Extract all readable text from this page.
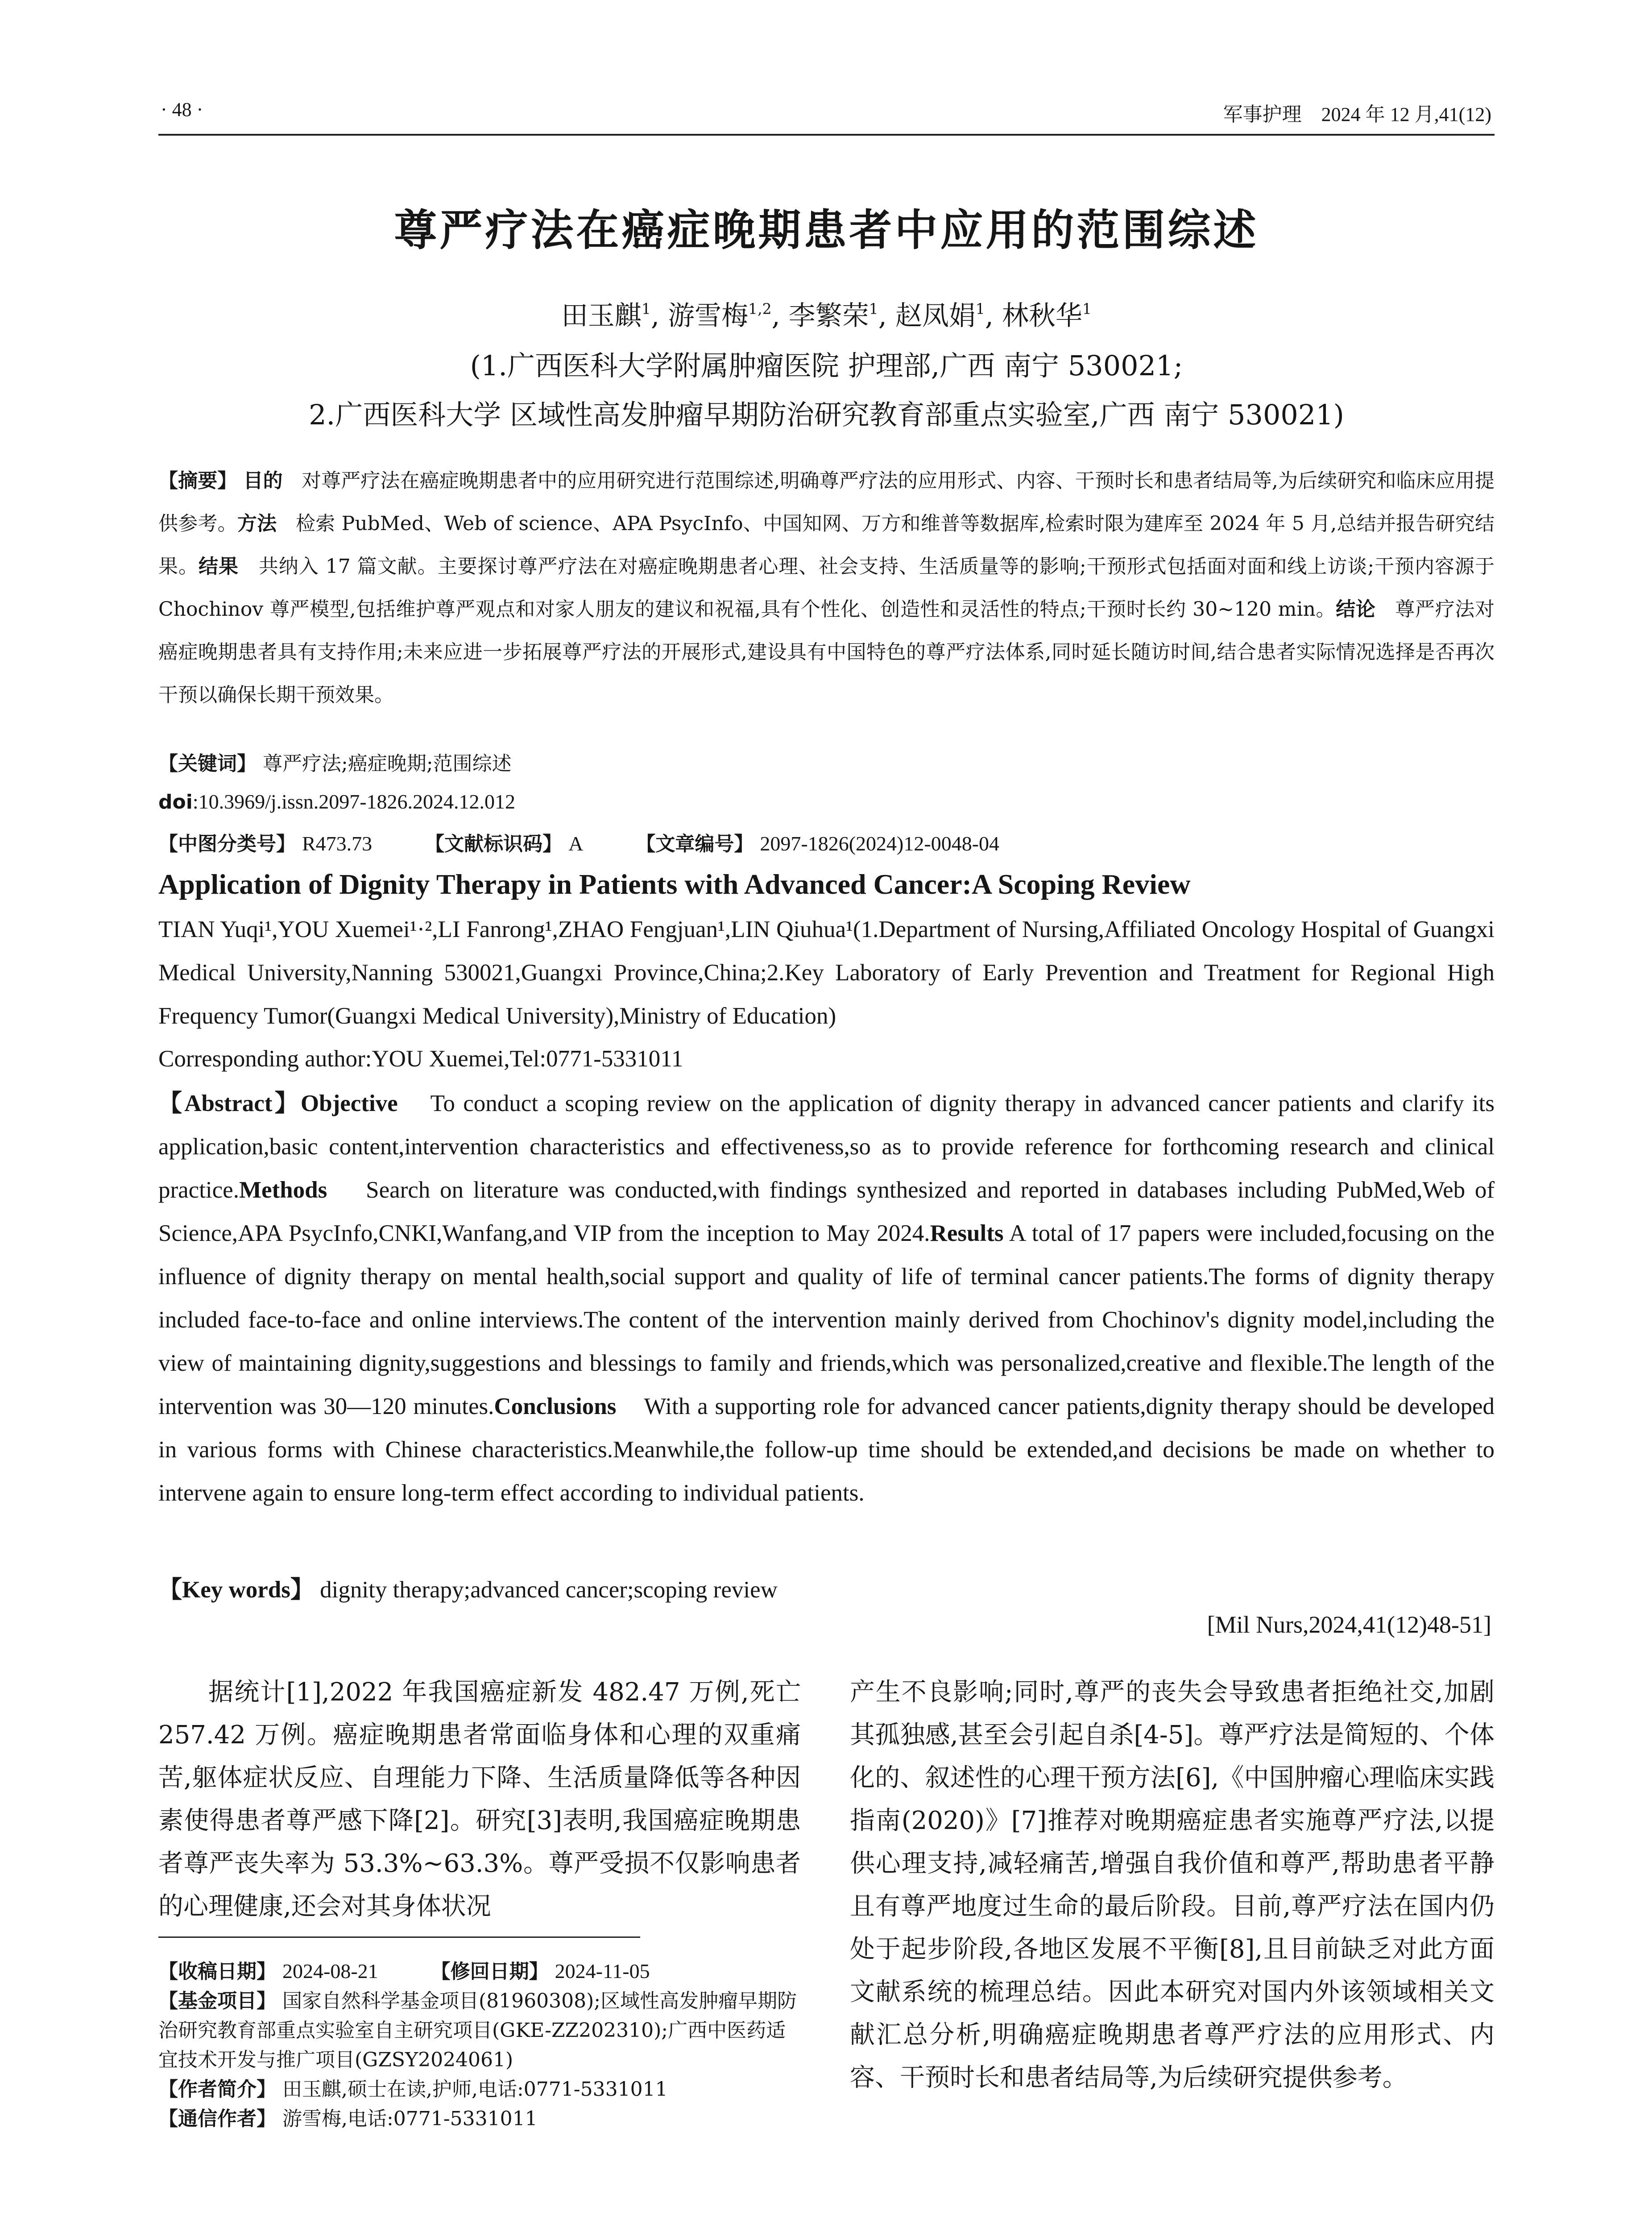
· 48 ·	军事护理　2024 年 12 月,41(12)
尊严疗法在癌症晚期患者中应用的范围综述
田玉麒$^1$, 游雪梅$^{1,2}$, 李繁荣$^1$, 赵凤娟$^1$, 林秋华$^1$
(1.广西医科大学附属肿瘤医院 护理部,广西 南宁 530021;
2.广西医科大学 区域性高发肿瘤早期防治研究教育部重点实验室,广西 南宁 530021)
【摘要】 目的 对尊严疗法在癌症晚期患者中的应用研究进行范围综述,明确尊严疗法的应用形式、内容、干预时长和患者结局等,为后续研究和临床应用提供参考。方法 检索 PubMed、Web of science、APA PsycInfo、中国知网、万方和维普等数据库,检索时限为建库至 2024 年 5 月,总结并报告研究结果。结果 共纳入 17 篇文献。主要探讨尊严疗法在对癌症晚期患者心理、社会支持、生活质量等的影响;干预形式包括面对面和线上访谈;干预内容源于 Chochinov 尊严模型,包括维护尊严观点和对家人朋友的建议和祝福,具有个性化、创造性和灵活性的特点;干预时长约 30~120 min。结论 尊严疗法对癌症晚期患者具有支持作用;未来应进一步拓展尊严疗法的开展形式,建设具有中国特色的尊严疗法体系,同时延长随访时间,结合患者实际情况选择是否再次干预以确保长期干预效果。
【关键词】 尊严疗法;癌症晚期;范围综述
doi:10.3969/j.issn.2097-1826.2024.12.012
【中图分类号】 R473.73	【文献标识码】 A	【文章编号】 2097-1826(2024)12-0048-04
Application of Dignity Therapy in Patients with Advanced Cancer:A Scoping Review
TIAN Yuqi¹,YOU Xuemei¹·²,LI Fanrong¹,ZHAO Fengjuan¹,LIN Qiuhua¹(1.Department of Nursing,Affiliated Oncology Hospital of Guangxi Medical University,Nanning 530021,Guangxi Province,China;2.Key Laboratory of Early Prevention and Treatment for Regional High Frequency Tumor(Guangxi Medical University),Ministry of Education)
Corresponding author:YOU Xuemei,Tel:0771-5331011
【Abstract】Objective To conduct a scoping review on the application of dignity therapy in advanced cancer patients and clarify its application,basic content,intervention characteristics and effectiveness,so as to provide reference for forthcoming research and clinical practice.Methods Search on literature was conducted,with findings synthesized and reported in databases including PubMed,Web of Science,APA PsycInfo,CNKI,Wanfang,and VIP from the inception to May 2024.Results A total of 17 papers were included,focusing on the influence of dignity therapy on mental health,social support and quality of life of terminal cancer patients.The forms of dignity therapy included face-to-face and online interviews.The content of the intervention mainly derived from Chochinov's dignity model,including the view of maintaining dignity,suggestions and blessings to family and friends,which was personalized,creative and flexible.The length of the intervention was 30—120 minutes.Conclusions With a supporting role for advanced cancer patients,dignity therapy should be developed in various forms with Chinese characteristics.Meanwhile,the follow-up time should be extended,and decisions be made on whether to intervene again to ensure long-term effect according to individual patients.
【Key words】 dignity therapy;advanced cancer;scoping review
[Mil Nurs,2024,41(12)48-51]
据统计[1],2022 年我国癌症新发 482.47 万例,死亡 257.42 万例。癌症晚期患者常面临身体和心理的双重痛苦,躯体症状反应、自理能力下降、生活质量降低等各种因素使得患者尊严感下降[2]。研究[3]表明,我国癌症晚期患者尊严丧失率为 53.3%~63.3%。尊严受损不仅影响患者的心理健康,还会对其身体状况
产生不良影响;同时,尊严的丧失会导致患者拒绝社交,加剧其孤独感,甚至会引起自杀[4-5]。尊严疗法是简短的、个体化的、叙述性的心理干预方法[6],《中国肿瘤心理临床实践指南(2020)》[7]推荐对晚期癌症患者实施尊严疗法,以提供心理支持,减轻痛苦,增强自我价值和尊严,帮助患者平静且有尊严地度过生命的最后阶段。目前,尊严疗法在国内仍处于起步阶段,各地区发展不平衡[8],且目前缺乏对此方面文献系统的梳理总结。因此本研究对国内外该领域相关文献汇总分析,明确癌症晚期患者尊严疗法的应用形式、内容、干预时长和患者结局等,为后续研究提供参考。
【收稿日期】 2024-08-21	【修回日期】 2024-11-05
【基金项目】 国家自然科学基金项目(81960308);区域性高发肿瘤早期防治研究教育部重点实验室自主研究项目(GKE-ZZ202310);广西中医药适宜技术开发与推广项目(GZSY2024061)
【作者简介】 田玉麒,硕士在读,护师,电话:0771-5331011
【通信作者】 游雪梅,电话:0771-5331011
